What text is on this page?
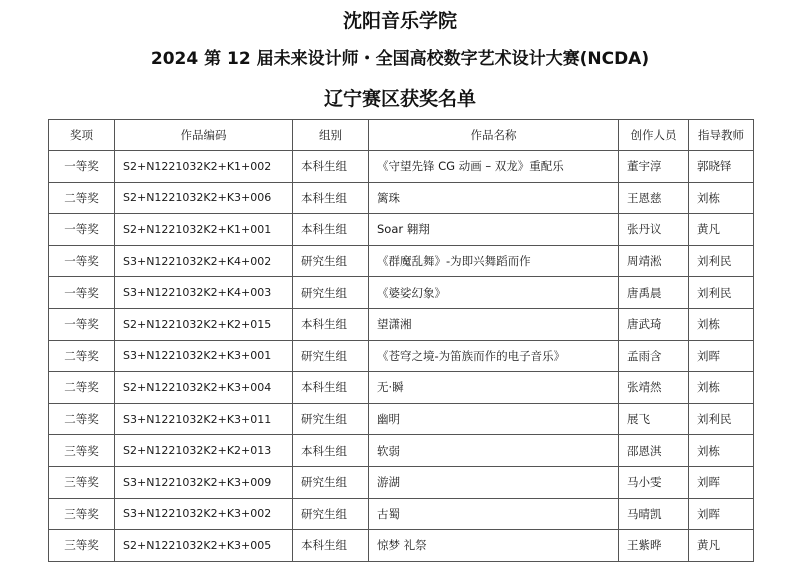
沈阳音乐学院
2024 第 12 届未来设计师・全国高校数字艺术设计大赛(NCDA)
辽宁赛区获奖名单
奖项	作品编码	组别	作品名称	创作人员	指导教师
一等奖	S2+N1221032K2+K1+002	本科生组	《守望先锋 CG 动画 – 双龙》重配乐	董宇淳	郭晓铎
二等奖	S2+N1221032K2+K3+006	本科生组	篱珠	王恩慈	刘栋
一等奖	S2+N1221032K2+K1+001	本科生组	Soar 翱翔	张丹议	黄凡
一等奖	S3+N1221032K2+K4+002	研究生组	《群魔乱舞》-为即兴舞蹈而作	周靖淞	刘利民
一等奖	S3+N1221032K2+K4+003	研究生组	《婆娑幻象》	唐禹晨	刘利民
一等奖	S2+N1221032K2+K2+015	本科生组	望潇湘	唐武琦	刘栋
二等奖	S3+N1221032K2+K3+001	研究生组	《苍穹之境-为笛族而作的电子音乐》	孟雨含	刘晖
二等奖	S2+N1221032K2+K3+004	本科生组	无·瞬	张靖然	刘栋
二等奖	S3+N1221032K2+K3+011	研究生组	幽明	展飞	刘利民
三等奖	S2+N1221032K2+K2+013	本科生组	软弱	邵恩淇	刘栋
三等奖	S3+N1221032K2+K3+009	研究生组	游湖	马小雯	刘晖
三等奖	S3+N1221032K2+K3+002	研究生组	古蜀	马晴凯	刘晖
三等奖	S2+N1221032K2+K3+005	本科生组	惊梦 礼祭	王紫晔	黄凡
